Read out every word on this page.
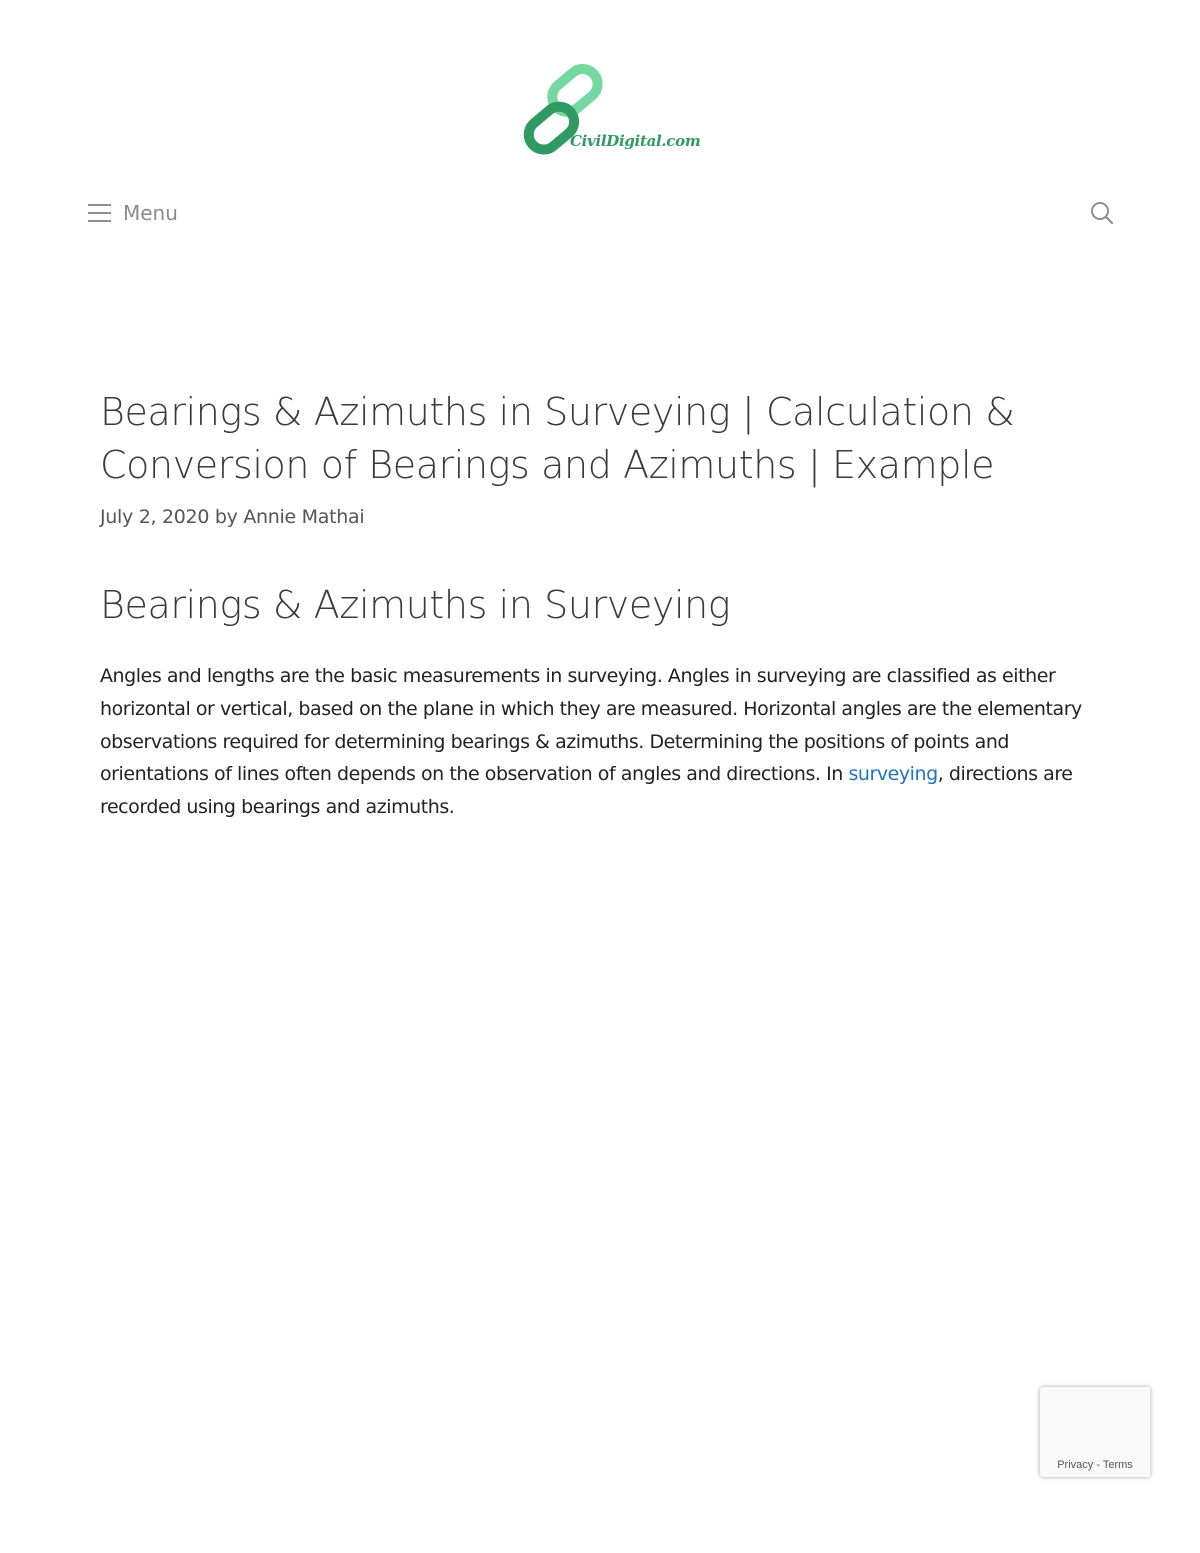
CivilDigital.com
Menu
Bearings & Azimuths in Surveying | Calculation & Conversion of Bearings and Azimuths | Example
July 2, 2020 by Annie Mathai
Bearings & Azimuths in Surveying

Angles and lengths are the basic measurements in surveying. Angles in surveying are classified as either horizontal or vertical, based on the plane in which they are measured. Horizontal angles are the elementary observations required for determining bearings & azimuths. Determining the positions of points and orientations of lines often depends on the observation of angles and directions. In surveying, directions are recorded using bearings and azimuths.

Privacy - Terms
